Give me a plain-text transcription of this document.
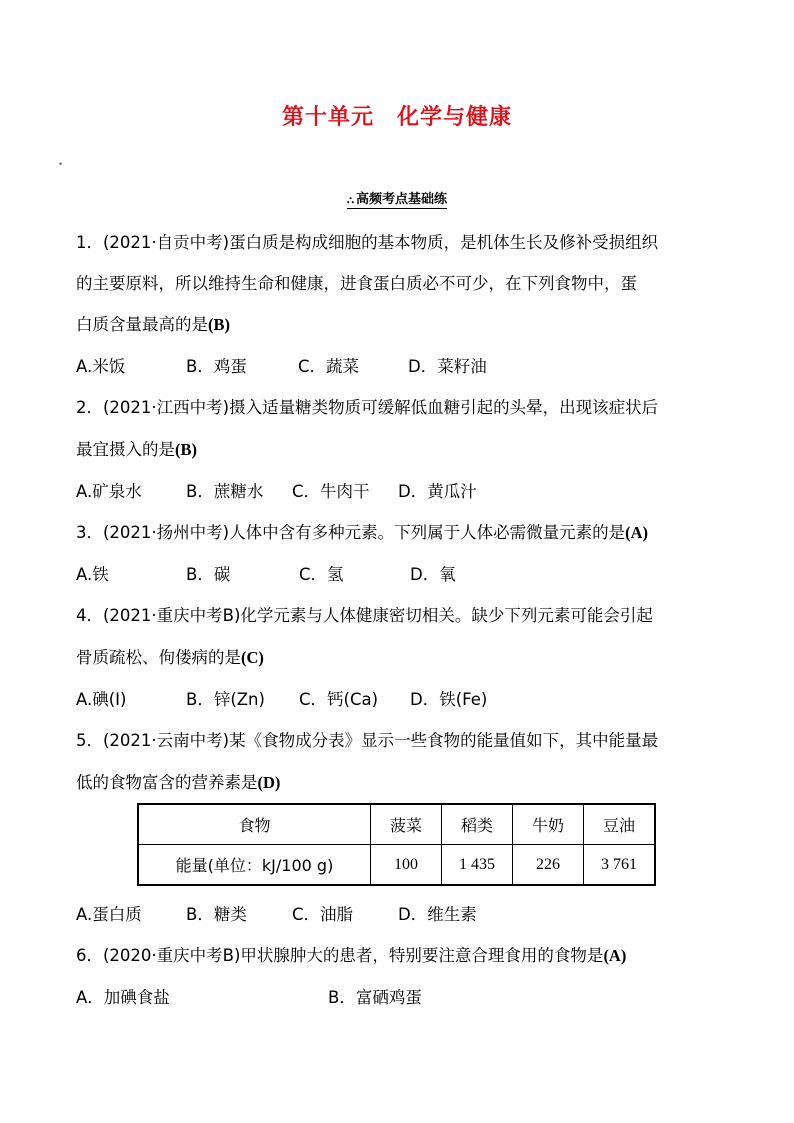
第十单元　化学与健康
•
⛬ 高频考点基础练
1．(2021·自贡中考)蛋白质是构成细胞的基本物质，是机体生长及修补受损组织
的主要原料，所以维持生命和健康，进食蛋白质必不可少，在下列食物中，蛋
白质含量最高的是(B)
A.米饭	B．鸡蛋	C．蔬菜	D．菜籽油
2．(2021·江西中考)摄入适量糖类物质可缓解低血糖引起的头晕，出现该症状后
最宜摄入的是(B)
A.矿泉水	B．蔗糖水 C．牛肉干 D．黄瓜汁
3．(2021·扬州中考)人体中含有多种元素。下列属于人体必需微量元素的是(A)
A.铁	B．碳	C．氢	D．氧
4．(2021·重庆中考B)化学元素与人体健康密切相关。缺少下列元素可能会引起
骨质疏松、佝偻病的是(C)
A.碘(I)	B．锌(Zn) C．钙(Ca) D．铁(Fe)
5．(2021·云南中考)某《食物成分表》显示一些食物的能量值如下，其中能量最
低的食物富含的营养素是(D)
食物	菠菜	稻类	牛奶	豆油
能量(单位：kJ/100 g)	100	1 435	226	3 761
A.蛋白质	B．糖类	C．油脂	D．维生素
6．(2020·重庆中考B)甲状腺肿大的患者，特别要注意合理食用的食物是(A)
A．加碘食盐	B．富硒鸡蛋
